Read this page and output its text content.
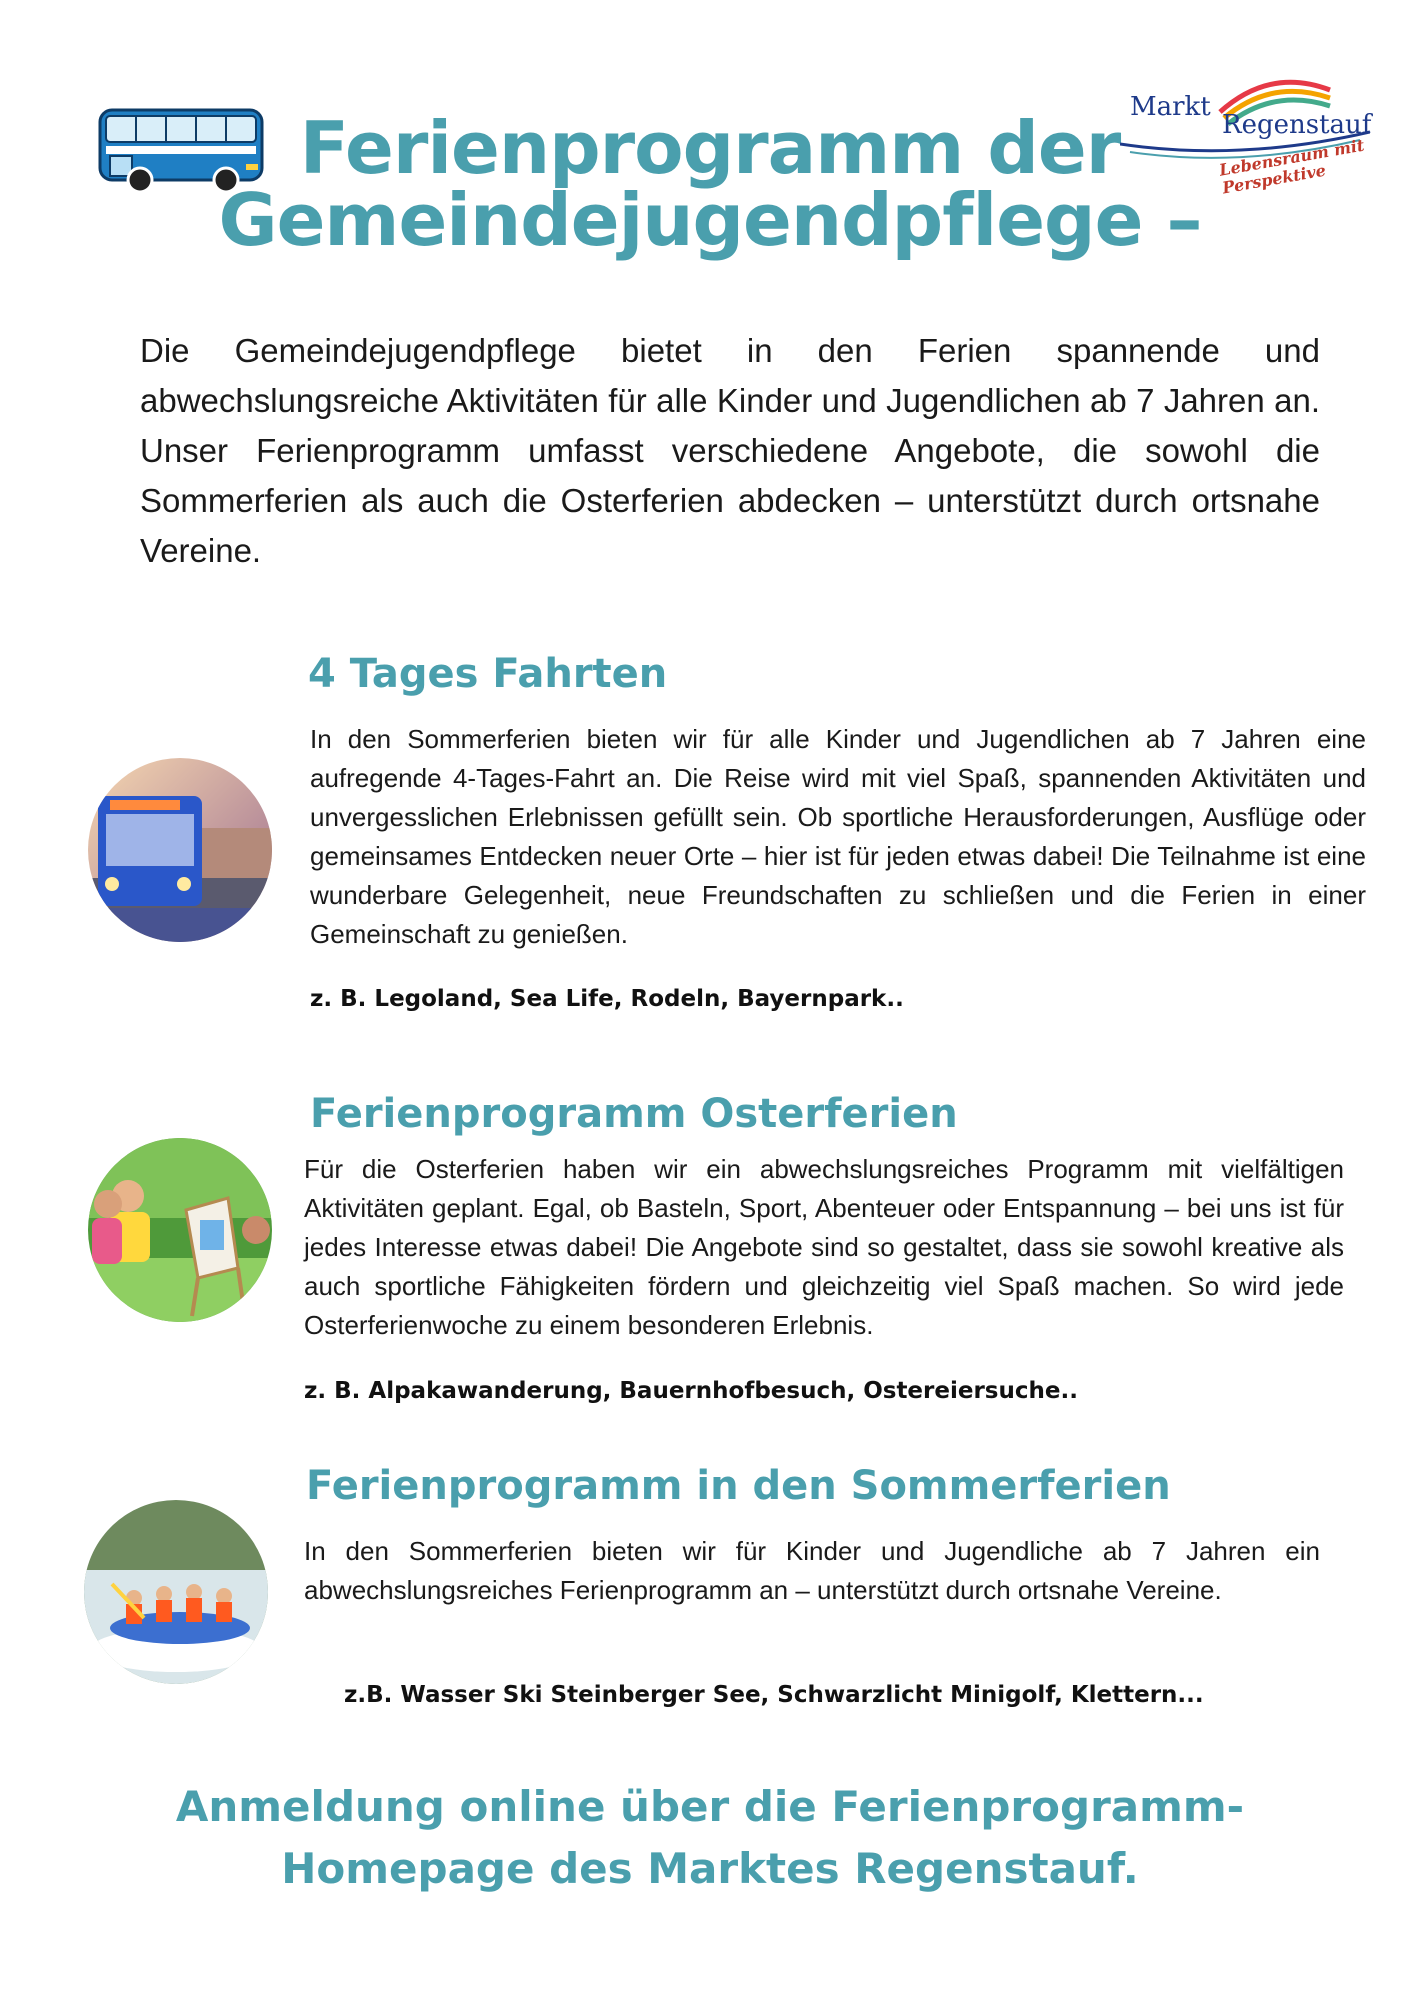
Ferienprogramm der
Gemeindejugendpflege –
Markt
Regenstauf
Lebensraum mit Perspektive

Die Gemeindejugendpflege bietet in den Ferien spannende und abwechslungsreiche Aktivitäten für alle Kinder und Jugendlichen ab 7 Jahren an. Unser Ferienprogramm umfasst verschiedene Angebote, die sowohl die Sommerferien als auch die Osterferien abdecken – unterstützt durch ortsnahe Vereine.

4 Tages Fahrten

In den Sommerferien bieten wir für alle Kinder und Jugendlichen ab 7 Jahren eine aufregende 4-Tages-Fahrt an. Die Reise wird mit viel Spaß, spannenden Aktivitäten und unvergesslichen Erlebnissen gefüllt sein. Ob sportliche Herausforderungen, Ausflüge oder gemeinsames Entdecken neuer Orte – hier ist für jeden etwas dabei! Die Teilnahme ist eine wunderbare Gelegenheit, neue Freundschaften zu schließen und die Ferien in einer Gemeinschaft zu genießen.

z. B. Legoland, Sea Life, Rodeln, Bayernpark..

Ferienprogramm Osterferien

Für die Osterferien haben wir ein abwechslungsreiches Programm mit vielfältigen Aktivitäten geplant. Egal, ob Basteln, Sport, Abenteuer oder Entspannung – bei uns ist für jedes Interesse etwas dabei! Die Angebote sind so gestaltet, dass sie sowohl kreative als auch sportliche Fähigkeiten fördern und gleichzeitig viel Spaß machen. So wird jede Osterferienwoche zu einem besonderen Erlebnis.

z. B. Alpakawanderung, Bauernhofbesuch, Ostereiersuche..

Ferienprogramm in den Sommerferien

In den Sommerferien bieten wir für Kinder und Jugendliche ab 7 Jahren ein abwechslungsreiches Ferienprogramm an – unterstützt durch ortsnahe Vereine.

z.B. Wasser Ski Steinberger See, Schwarzlicht Minigolf, Klettern...

Anmeldung online über die Ferienprogramm-
Homepage des Marktes Regenstauf.
